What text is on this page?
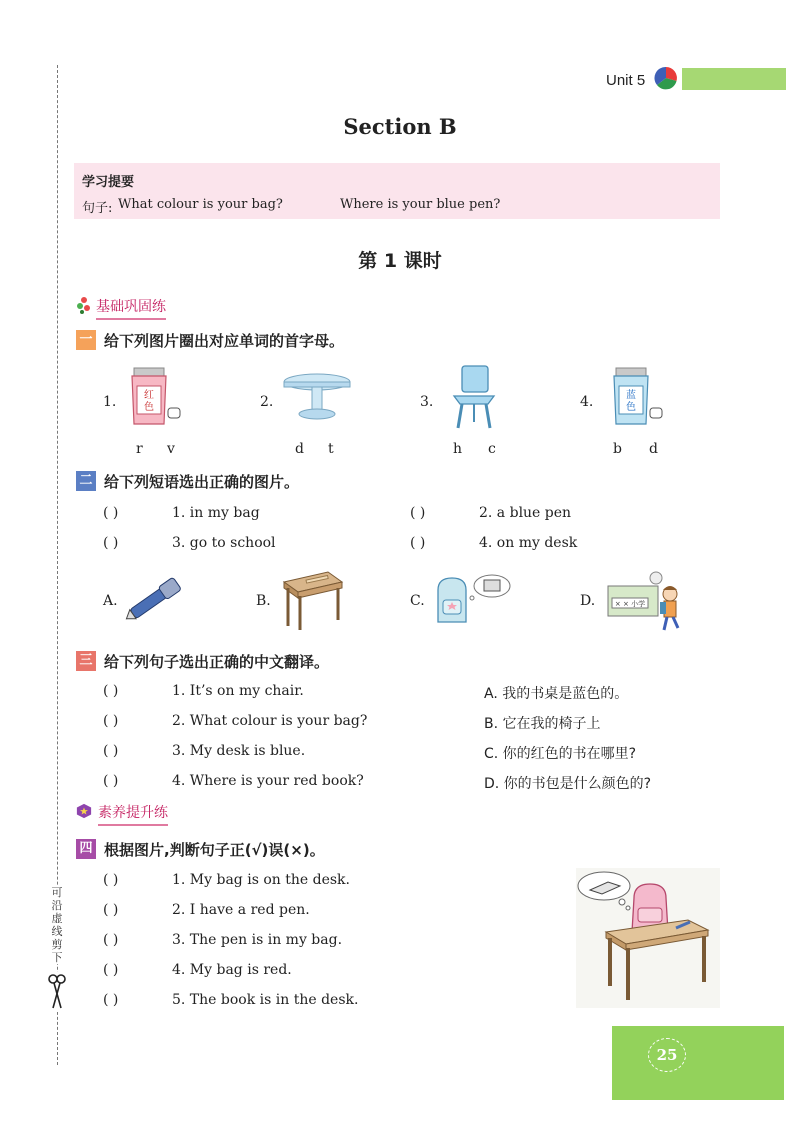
可沿虚线剪下
Unit 5
Section B
学习提要
句子: What colour is your bag?	Where is your blue pen?
第 1 课时
基础巩固练
一 给下列图片圈出对应单词的首字母。
1.	红
色
r v
2.
d t
3.
h c
4.	蓝
色
b d
二 给下列短语选出正确的图片。
( )	1. in my bag	( )	2. a blue pen
( )	3. go to school	( )	4. on my desk
A.	B.	C.	D.	× × 小学
三 给下列句子选出正确的中文翻译。
( )	1. It’s on my chair.	A. 我的书桌是蓝色的。
( )	2. What colour is your bag?	B. 它在我的椅子上
( )	3. My desk is blue.	C. 你的红色的书在哪里?
( )	4. Where is your red book?	D. 你的书包是什么颜色的?
素养提升练
四 根据图片,判断句子正(√)误(×)。
( )	1. My bag is on the desk.
( )	2. I have a red pen.
( )	3. The pen is in my bag.
( )	4. My bag is red.
( )	5. The book is in the desk.
25
